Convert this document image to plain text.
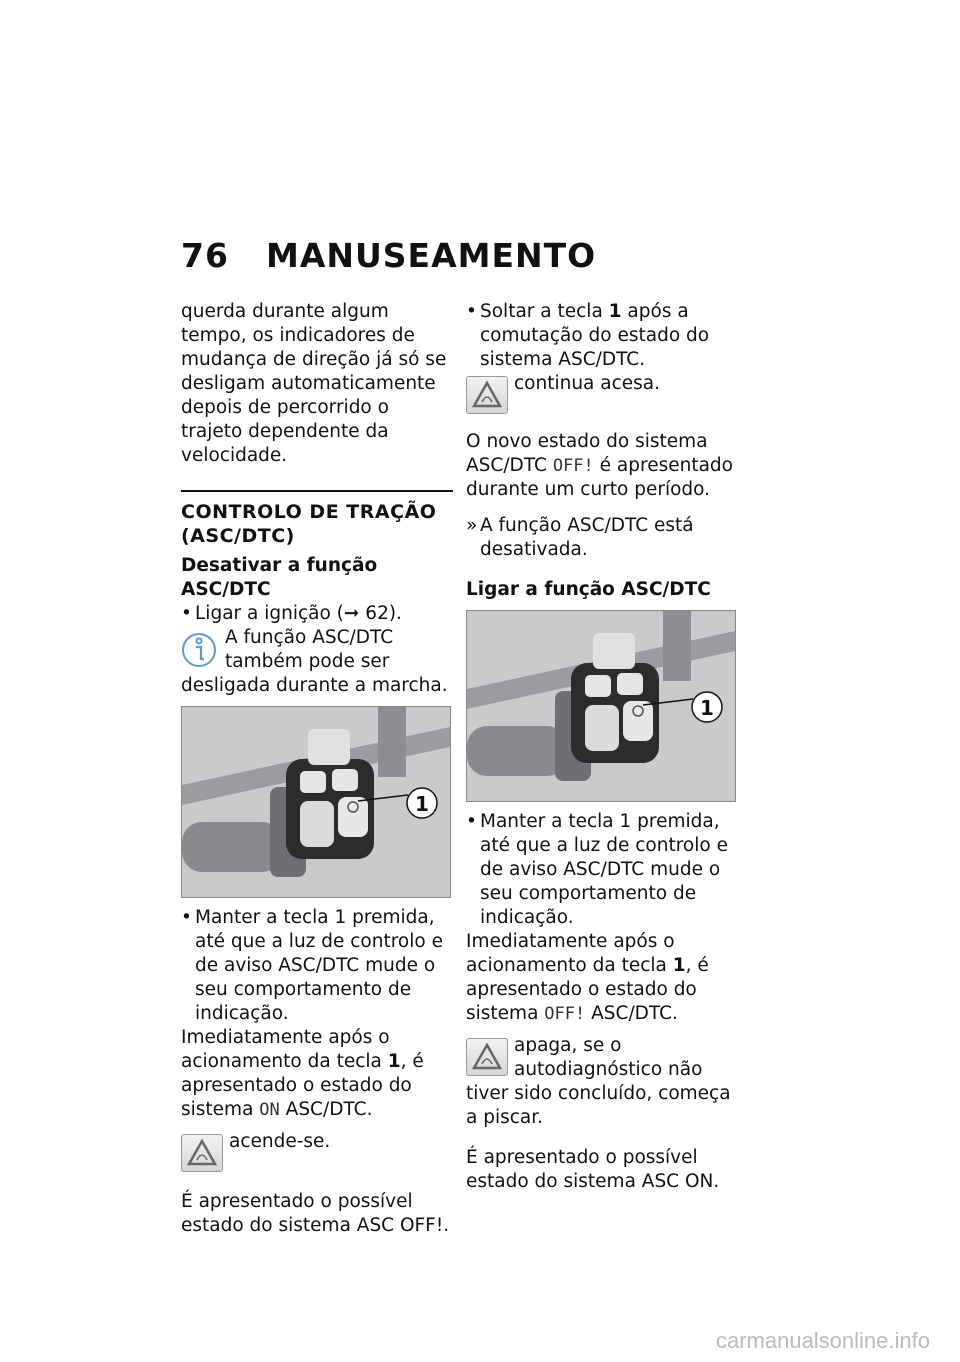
76 MANUSEAMENTO

querda durante algum tempo, os indicadores de mudança de direção já só se desligam automaticamente depois de percorrido o trajeto dependente da velocidade.

CONTROLO DE TRAÇÃO (ASC/DTC)
Desativar a função ASC/DTC

• Ligar a ignição (➞ 62).

A função ASC/DTC também pode ser desligada durante a marcha.

1

• Manter a tecla 1 premida, até que a luz de controlo e de aviso ASC/DTC mude o seu comportamento de indicação.

Imediatamente após o acionamento da tecla 1, é apresentado o estado do sistema ON ASC/DTC.

acende-se.

É apresentado o possível estado do sistema ASC OFF!.

• Soltar a tecla 1 após a comutação do estado do sistema ASC/DTC.

continua acesa.

O novo estado do sistema ASC/DTC OFF! é apresentado durante um curto período.

» A função ASC/DTC está desativada.

Ligar a função ASC/DTC
1

• Manter a tecla 1 premida, até que a luz de controlo e de aviso ASC/DTC mude o seu comportamento de indicação.

Imediatamente após o acionamento da tecla 1, é apresentado o estado do sistema OFF! ASC/DTC.

apaga, se o autodiagnóstico não tiver sido concluído, começa a piscar.

É apresentado o possível estado do sistema ASC ON.

carmanualsonline.info
